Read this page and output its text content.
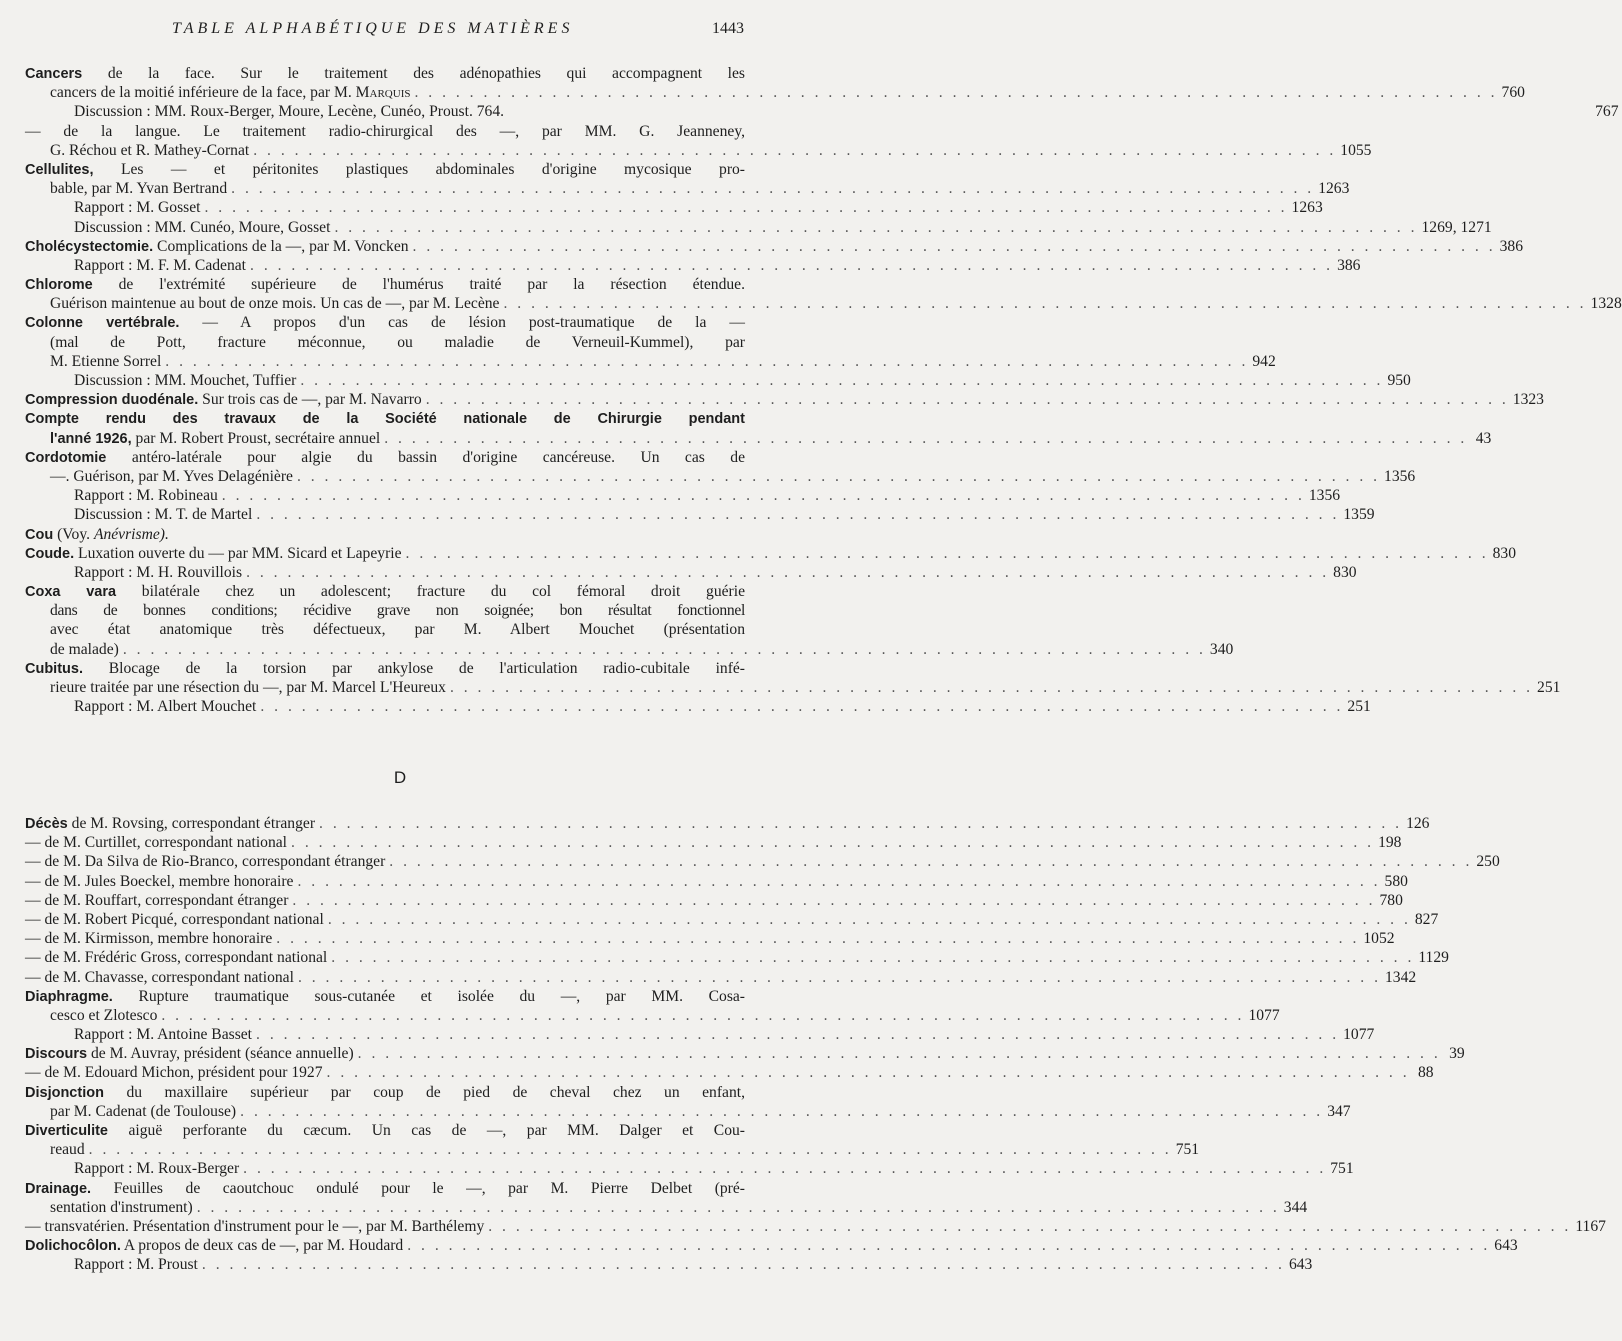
TABLE ALPHABÉTIQUE DES MATIÈRES	1443
Cancers de la face. Sur le traitement des adénopathies qui accompagnent les
cancers de la moitié inférieure de la face, par M. Marquis . . .	760
Discussion : MM. Roux-Berger, Moure, Lecène, Cunéo, Proust. 764.	767
— de la langue. Le traitement radio-chirurgical des —, par MM. G. Jeanneney,
G. Réchou et R. Mathey-Cornat . . .	1055
Cellulites, Les — et péritonites plastiques abdominales d'origine mycosique pro-
bable, par M. Yvan Bertrand . . .	1263
Rapport : M. Gosset . . .	1263
Discussion : MM. Cunéo, Moure, Gosset . . .	1269, 1271
Cholécystectomie. Complications de la —, par M. Voncken . . .	386
Rapport : M. F. M. Cadenat . . .	386
Chlorome de l'extrémité supérieure de l'humérus traité par la résection étendue.
Guérison maintenue au bout de onze mois. Un cas de —, par M. Lecène . . .	1328
Colonne vertébrale. — A propos d'un cas de lésion post-traumatique de la —
(mal de Pott, fracture méconnue, ou maladie de Verneuil-Kummel), par
M. Etienne Sorrel . . .	942
Discussion : MM. Mouchet, Tuffier . . .	950
Compression duodénale. Sur trois cas de —, par M. Navarro . . .	1323
Compte rendu des travaux de la Société nationale de Chirurgie pendant
l'anné 1926, par M. Robert Proust, secrétaire annuel . . .	43
Cordotomie antéro-latérale pour algie du bassin d'origine cancéreuse. Un cas de
—. Guérison, par M. Yves Delagénière . . .	1356
Rapport : M. Robineau . . .	1356
Discussion : M. T. de Martel . . .	1359
Cou (Voy. Anévrisme).
Coude. Luxation ouverte du — par MM. Sicard et Lapeyrie . . .	830
Rapport : M. H. Rouvillois . . .	830
Coxa vara bilatérale chez un adolescent; fracture du col fémoral droit guérie
dans de bonnes conditions; récidive grave non soignée; bon résultat fonctionnel
avec état anatomique très défectueux, par M. Albert Mouchet (présentation
de malade) . . .	340
Cubitus. Blocage de la torsion par ankylose de l'articulation radio-cubitale infé-
rieure traitée par une résection du —, par M. Marcel L'Heureux . . .	251
Rapport : M. Albert Mouchet . . .	251
D
Décès de M. Rovsing, correspondant étranger . . .	126
— de M. Curtillet, correspondant national . . .	198
— de M. Da Silva de Rio-Branco, correspondant étranger . . .	250
— de M. Jules Boeckel, membre honoraire . . .	580
— de M. Rouffart, correspondant étranger . . .	780
— de M. Robert Picqué, correspondant national . . .	827
— de M. Kirmisson, membre honoraire . . .	1052
— de M. Frédéric Gross, correspondant national . . .	1129
— de M. Chavasse, correspondant national . . .	1342
Diaphragme. Rupture traumatique sous-cutanée et isolée du —, par MM. Cosa-
cesco et Zlotesco . . .	1077
Rapport : M. Antoine Basset . . .	1077
Discours de M. Auvray, président (séance annuelle) . . .	39
— de M. Edouard Michon, président pour 1927 . . .	88
Disjonction du maxillaire supérieur par coup de pied de cheval chez un enfant,
par M. Cadenat (de Toulouse) . . .	347
Diverticulite aiguë perforante du cæcum. Un cas de —, par MM. Dalger et Cou-
reaud . . .	751
Rapport : M. Roux-Berger . . .	751
Drainage. Feuilles de caoutchouc ondulé pour le —, par M. Pierre Delbet (pré-
sentation d'instrument) . . .	344
— transvatérien. Présentation d'instrument pour le —, par M. Barthélemy . . .	1167
Dolichocôlon. A propos de deux cas de —, par M. Houdard . . .	643
Rapport : M. Proust . . .	643
